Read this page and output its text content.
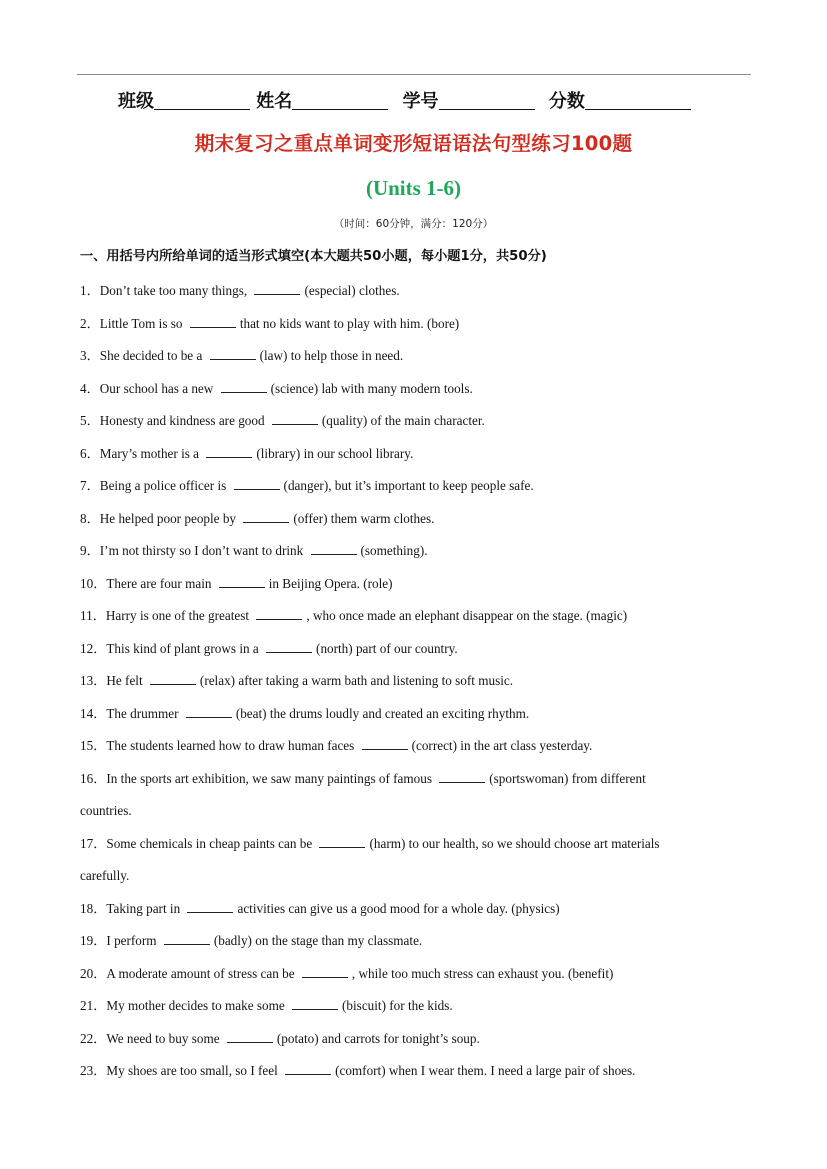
班级	姓名	学号	分数
期末复习之重点单词变形短语语法句型练习100题
(Units 1-6)
（时间：60分钟，满分：120分）
一、用括号内所给单词的适当形式填空(本大题共50小题，每小题1分，共50分)
1．Don’t take too many things,	(especial) clothes.
2．Little Tom is so	that no kids want to play with him. (bore)
3．She decided to be a	(law) to help those in need.
4．Our school has a new	(science) lab with many modern tools.
5．Honesty and kindness are good	(quality) of the main character.
6．Mary’s mother is a	(library) in our school library.
7．Being a police officer is	(danger), but it’s important to keep people safe.
8．He helped poor people by	(offer) them warm clothes.
9．I’m not thirsty so I don’t want to drink	(something).
10．There are four main	in Beijing Opera. (role)
11．Harry is one of the greatest	, who once made an elephant disappear on the stage. (magic)
12．This kind of plant grows in a	(north) part of our country.
13．He felt	(relax) after taking a warm bath and listening to soft music.
14．The drummer	(beat) the drums loudly and created an exciting rhythm.
15．The students learned how to draw human faces	(correct) in the art class yesterday.
16．In the sports art exhibition, we saw many paintings of famous	(sportswoman) from different
countries.
17．Some chemicals in cheap paints can be	(harm) to our health, so we should choose art materials
carefully.
18．Taking part in	activities can give us a good mood for a whole day. (physics)
19．I perform	(badly) on the stage than my classmate.
20．A moderate amount of stress can be	, while too much stress can exhaust you. (benefit)
21．My mother decides to make some	(biscuit) for the kids.
22．We need to buy some	(potato) and carrots for tonight’s soup.
23．My shoes are too small, so I feel	(comfort) when I wear them. I need a large pair of shoes.
